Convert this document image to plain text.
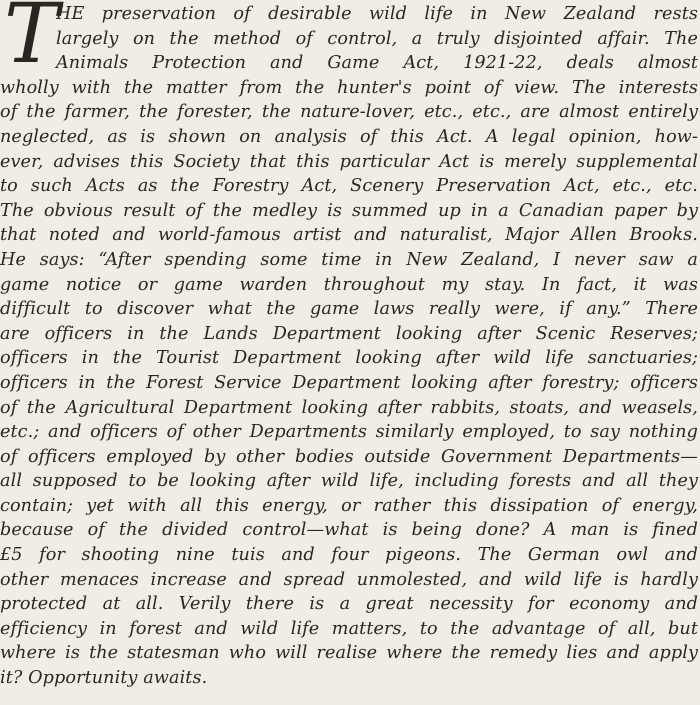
T
HE preservation of desirable wild life in New Zealand rests
largely on the method of control, a truly disjointed affair. The
Animals Protection and Game Act, 1921-22, deals almost
wholly with the matter from the hunter's point of view. The interests
of the farmer, the forester, the nature-lover, etc., etc., are almost entirely
neglected, as is shown on analysis of this Act. A legal opinion, how-
ever, advises this Society that this particular Act is merely supplemental
to such Acts as the Forestry Act, Scenery Preservation Act, etc., etc.
The obvious result of the medley is summed up in a Canadian paper by
that noted and world-famous artist and naturalist, Major Allen Brooks.
He says: “After spending some time in New Zealand, I never saw a
game notice or game warden throughout my stay. In fact, it was
difficult to discover what the game laws really were, if any.” There
are officers in the Lands Department looking after Scenic Reserves;
officers in the Tourist Department looking after wild life sanctuaries;
officers in the Forest Service Department looking after forestry; officers
of the Agricultural Department looking after rabbits, stoats, and weasels,
etc.; and officers of other Departments similarly employed, to say nothing
of officers employed by other bodies outside Government Departments—
all supposed to be looking after wild life, including forests and all they
contain; yet with all this energy, or rather this dissipation of energy,
because of the divided control—what is being done? A man is fined
£5 for shooting nine tuis and four pigeons. The German owl and
other menaces increase and spread unmolested, and wild life is hardly
protected at all. Verily there is a great necessity for economy and
efficiency in forest and wild life matters, to the advantage of all, but
where is the statesman who will realise where the remedy lies and apply
it? Opportunity awaits.
